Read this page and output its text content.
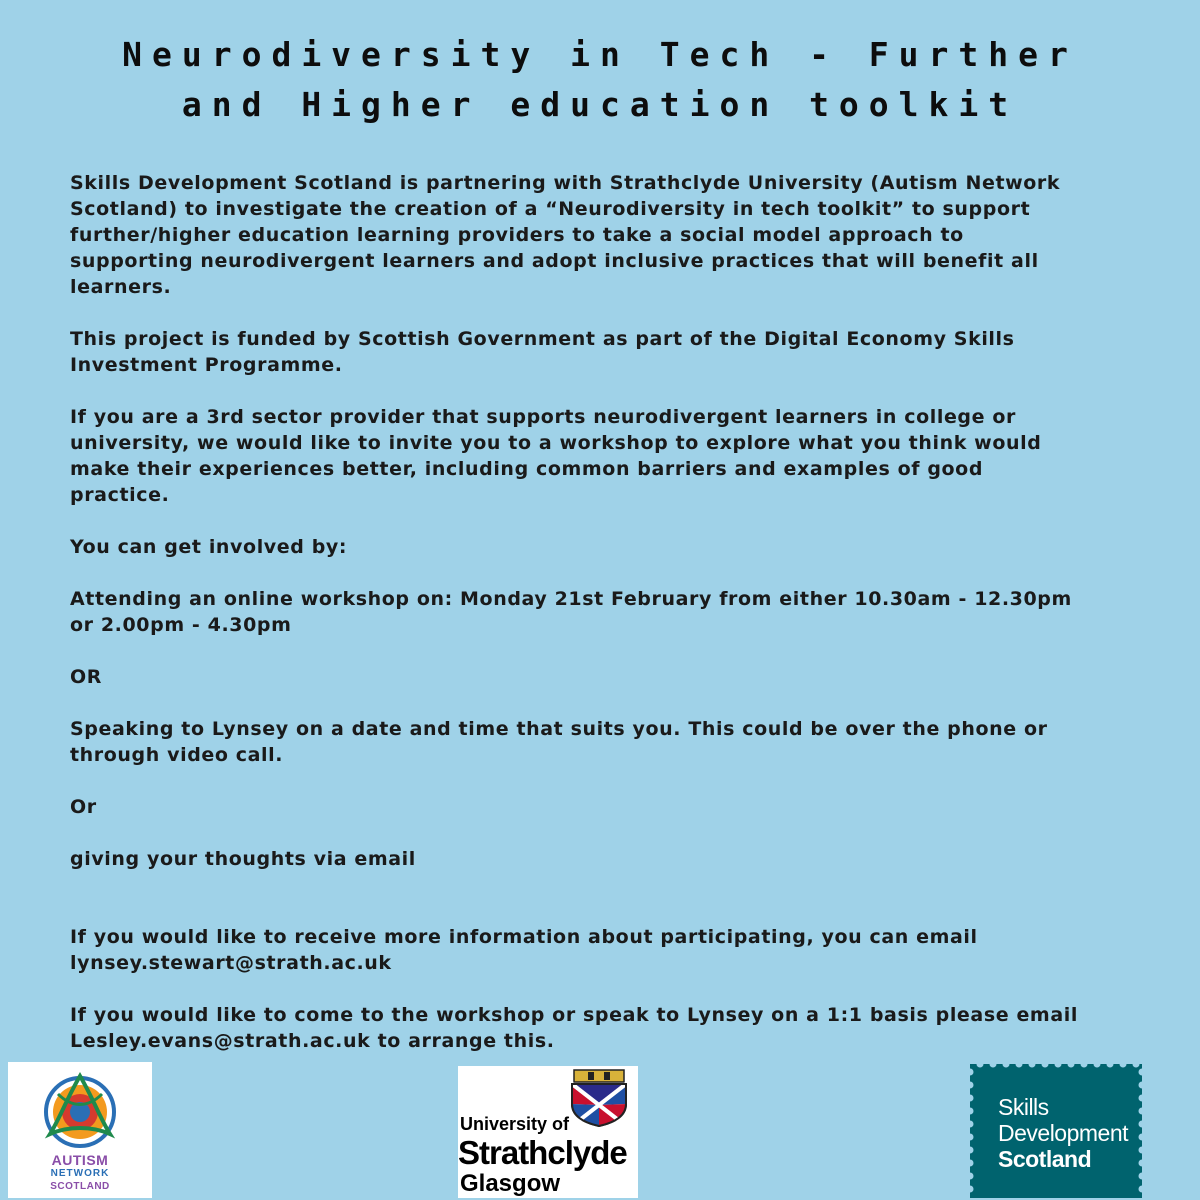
Neurodiversity in Tech - Further
and Higher education toolkit

Skills Development Scotland is partnering with Strathclyde University (Autism Network

Scotland) to investigate the creation of a “Neurodiversity in tech toolkit” to support

further/higher education learning providers to take a social model approach to

supporting neurodivergent learners and adopt inclusive practices that will benefit all

learners.

This project is funded by Scottish Government as part of the Digital Economy Skills

Investment Programme.

If you are a 3rd sector provider that supports neurodivergent learners in college or

university, we would like to invite you to a workshop to explore what you think would

make their experiences better, including common barriers and examples of good

practice.

You can get involved by:

Attending an online workshop on: Monday 21st February from either 10.30am - 12.30pm

or 2.00pm - 4.30pm

OR

Speaking to Lynsey on a date and time that suits you. This could be over the phone or

through video call.

Or

giving your thoughts via email

If you would like to receive more information about participating, you can email

lynsey.stewart@strath.ac.uk

If you would like to come to the workshop or speak to Lynsey on a 1:1 basis please email

Lesley.evans@strath.ac.uk to arrange this.

AUTISM
NETWORK
SCOTLAND
University of
Strathclyde
Glasgow
Skills
Development
Scotland
